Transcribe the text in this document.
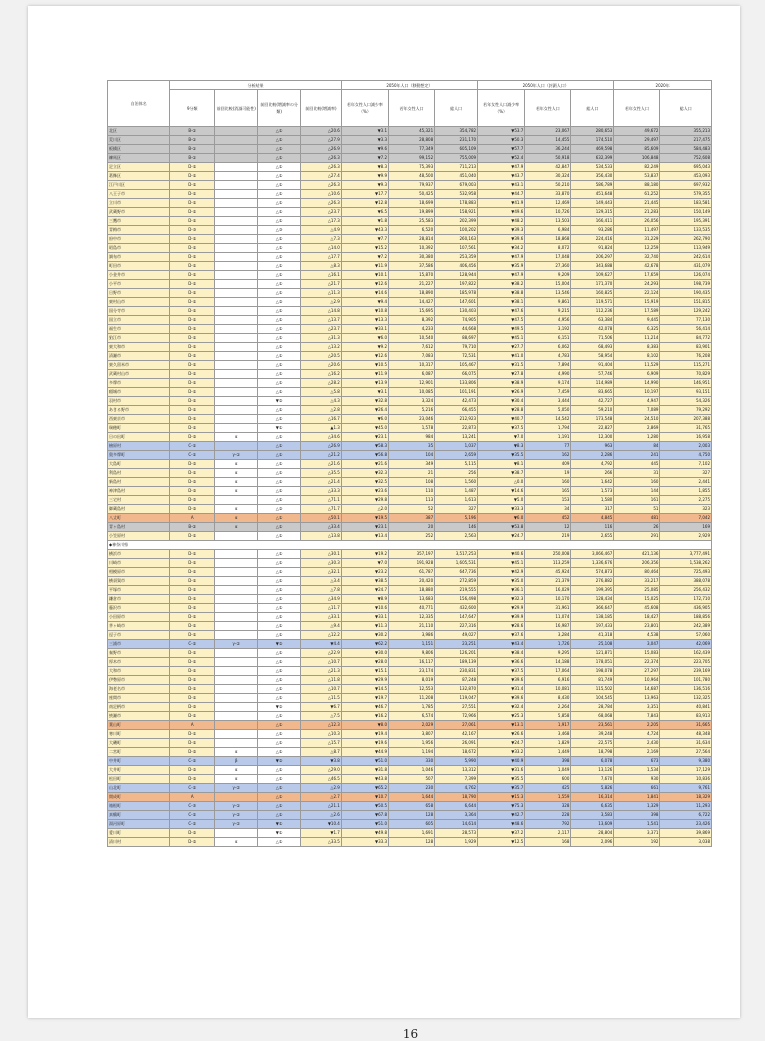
自治体名	分析結果				2050年人口（移動想定）			2050年人口（封鎖人口）			2020年	
	9分類	前回比較(消滅可能性)	前回比較(増減率の分類)	前回比較(増減率)	若年女性人口減少率（%）	若年女性人口	総人口	若年女性人口減少率（%）	若年女性人口	総人口	若年女性人口	総人口

北区	B-①		△①	△20.6	▼3.1	45,321	354,782	▼53.7	23,067	280,653	49,672	355,213
荒川区	B-①		△①	△27.9	▼3.3	28,808	231,170	▼50.3	14,455	174,510	29,497	217,475
板橋区	B-①		△①	△26.9	▼9.6	77,349	605,109	▼57.7	36,244	469,598	85,609	584,483
練馬区	B-①		△①	△26.3	▼7.2	99,152	755,009	▼52.4	50,918	632,399	106,848	752,608
足立区	D-①		△①	△26.3	▼8.3	75,393	711,213	▼47.9	42,847	534,533	82,249	695,043
葛飾区	D-①		△①	△27.4	▼9.9	48,500	451,040	▼43.7	30,324	356,430	53,837	453,093
江戸川区	D-①		△①	△26.3	▼9.3	79,937	679,003	▼43.1	50,210	586,789	88,180	697,932
八王子市	D-①		△①	△10.6	▼17.7	50,425	532,958	▼44.7	33,870	451,648	61,252	579,355
立川市	D-①		△①	△26.3	▼12.8	18,699	178,883	▼41.9	12,469	149,443	21,445	183,581
武蔵野市	D-①		△①	△23.7	▼6.5	19,899	158,921	▼49.6	10,726	129,315	21,283	150,149
三鷹市	D-①		△①	△17.3	▼1.8	25,583	202,399	▼48.2	13,503	166,411	26,056	195,391
青梅市	D-③		△③	△4.9	▼43.3	6,520	100,202	▼39.3	6,984	93,286	11,497	133,535
府中市	D-①		△①	△7.3	▼7.7	28,814	260,163	▼39.6	18,868	224,416	31,229	262,790
昭島市	D-①		△①	△14.0	▼15.2	10,392	107,561	▼34.2	8,072	91,824	12,259	113,949
調布市	D-①		△①	△17.7	▼7.2	30,380	253,359	▼47.9	17,048	206,297	32,740	242,614
町田市	D-①		△①	△8.3	▼11.9	37,586	406,456	▼35.9	27,360	343,688	42,678	431,079
小金井市	D-①		△①	△16.1	▼10.1	15,870	128,944	▼47.9	9,209	109,627	17,659	126,074
小平市	D-①		△①	△21.7	▼12.6	21,227	197,822	▼38.2	15,004	171,370	24,293	198,739
日野市	D-①		△①	△11.3	▼14.6	18,890	185,978	▼38.8	13,546	160,825	22,124	190,435
東村山市	D-①		△②	△2.9	▼9.4	14,427	147,601	▼38.1	9,861	119,571	15,919	151,815
国分寺市	D-①		△①	△14.8	▼10.8	15,695	130,403	▼47.6	9,215	112,236	17,589	129,242
国立市	D-①		△①	△13.7	▼13.3	8,392	74,905	▼47.5	4,956	63,384	9,445	77,130
福生市	D-①		△①	△23.7	▼33.1	4,233	44,668	▼49.5	3,192	42,078	6,325	56,414
狛江市	D-①		△①	△31.3	▼6.0	10,540	88,697	▼45.1	6,151	71,506	11,214	84,772
東大和市	D-①		△①	△13.2	▼9.2	7,612	79,710	▼27.7	6,062	68,493	8,383	83,901
清瀬市	D-①		△①	△20.5	▼12.6	7,083	72,531	▼41.0	4,783	58,954	8,102	76,208
東久留米市	D-①		△①	△20.6	▼10.5	10,317	105,467	▼31.5	7,894	91,404	11,529	115,271
武蔵村山市	D-①		△①	△16.2	▼11.9	6,087	66,075	▼27.8	4,990	57,746	6,909	70,829
多摩市	D-①		△①	△28.2	▼13.9	12,901	133,806	▼38.9	9,174	114,989	14,990	146,951
稲城市	D-①		△①	△5.8	▼3.1	10,085	101,191	▼26.9	7,459	83,665	10,197	93,151
羽村市	D-①		▼②	△4.3	▼32.8	3,324	42,473	▼30.4	3,444	42,727	4,947	54,326
あきる野市	D-①		△①	△2.8	▼26.4	5,216	66,455	▼28.8	5,050	59,210	7,089	79,292
西東京市	D-①		△①	△16.7	▼6.0	23,046	212,923	▼40.7	14,542	173,548	24,510	207,388
瑞穂町	D-①		▼①	▲1.3	▼45.0	1,578	22,873	▼37.5	1,794	22,827	2,869	31,765
日の出町	D-②	α	△①	△34.6	▼23.1	984	13,241	▼7.0	1,191	12,300	1,280	16,958
檜原村	C-①		△①	△26.9	▼58.3	35	1,037	▼8.3	77	963	84	2,003
奥多摩町	C-①	γ-①	△①	△21.2	▼56.8	104	2,659	▼35.5	162	2,286	241	4,750
大島町	D-②	α	△①	△21.6	▼21.6	349	5,115	▼8.1	409	4,792	445	7,102
利島村	D-①	α	△①	△35.5	▼32.3	21	256	▼38.7	19	266	31	327
新島村	D-②	α	△①	△21.4	▼32.5	108	1,560	△0.0	160	1,642	160	2,441
神津島村	D-②	α	△①	△33.3	▼23.6	110	1,487	▼14.6	165	1,573	144	1,855
三宅村	D-②		△①	△71.1	▼29.8	113	1,613	▼5.0	153	1,580	161	2,275
御蔵島村	D-②	α	△②	△71.7	△2.0	52	327	▼33.3	34	317	51	323
八丈町	A	α	△①	△50.1	▼19.5	387	5,196	▼6.0	452	4,845	481	7,042
青ヶ島村	B-②	α	△①	△33.4	▼23.1	20	146	▼53.8	12	116	26	169
小笠原村	D-①		△①	△13.8	▼13.4	252	2,563	▼24.7	219	2,655	291	2,929
◆神奈川県												
横浜市	D-①		△①	△30.1	▼19.2	357,197	3,517,253	▼40.6	250,008	3,066,467	421,136	3,777,491
川崎市	D-①		△①	△30.3	▼7.0	191,928	1,605,531	▼45.1	113,259	1,336,676	206,356	1,538,262
相模原市	D-①		△①	△32.1	▼23.2	61,787	647,736	▼42.9	45,924	574,873	80,464	725,493
横須賀市	D-①		△①	△3.4	▼38.5	20,420	272,859	▼35.0	21,379	276,882	33,217	388,078
平塚市	D-①		△①	△7.8	▼24.7	18,880	219,555	▼36.1	16,029	199,395	25,085	256,432
鎌倉市	D-①		△①	△34.9	▼8.9	13,683	156,498	▼32.3	10,170	128,434	15,025	172,710
藤沢市	D-①		△①	△11.7	▼10.6	40,771	432,600	▼29.9	31,961	366,647	45,608	436,905
小田原市	D-①		△①	△33.1	▼33.1	12,335	147,647	▼39.9	11,074	138,185	18,427	188,856
茅ヶ崎市	D-①		△①	△9.4	▼11.3	21,110	227,316	▼28.6	16,987	197,433	23,801	242,389
逗子市	D-①		△①	△12.2	▼30.2	3,986	49,027	▼37.6	3,284	41,318	4,538	57,060
三浦市	C-②	γ-②	▼②	▼4.4	▼62.2	1,151	23,251	▼43.4	1,726	25,108	3,047	42,069
秦野市	D-①		△①	△22.9	▼30.0	9,806	126,201	▼38.4	9,295	121,871	15,083	162,439
厚木市	D-①		△①	△10.7	▼28.0	16,117	189,139	▼36.6	14,188	178,051	22,374	223,705
大和市	D-①		△①	△21.3	▼15.1	23,174	230,831	▼37.5	17,064	198,078	27,297	239,169
伊勢原市	D-①		△①	△11.8	▼29.9	8,019	87,248	▼39.6	6,916	81,749	10,964	101,780
海老名市	D-①		△①	△10.7	▼14.5	12,553	132,870	▼31.4	10,081	115,502	14,687	136,516
座間市	D-①		△①	△11.5	▼19.7	11,208	119,047	▼39.6	8,430	104,545	13,963	132,325
南足柄市	D-②		▼②	▼6.7	▼46.7	1,785	27,551	▼32.4	2,264	28,784	3,351	40,841
綾瀬市	D-①		△①	△7.5	▼16.2	6,574	72,966	▼25.3	5,858	68,068	7,843	83,913
葉山町	A		△①	△12.3	▼8.0	2,029	27,061	▼13.1	1,917	23,561	2,205	31,665
寒川町	D-①		△①	△10.3	▼19.4	3,807	42,167	▼26.6	3,468	39,248	4,724	48,348
大磯町	D-①		△①	△15.7	▼19.6	1,956	26,091	▼24.7	1,829	22,575	2,430	31,634
二宮町	D-②	α	△①	△8.7	▼44.9	1,194	18,672	▼33.2	1,449	18,798	2,169	27,564
中井町	C-②	β	▼②	▼3.8	▼51.0	330	5,990	▼40.9	398	6,078	673	9,380
大井町	D-②	α	△①	△29.0	▼31.8	1,046	13,312	▼31.6	1,049	13,126	1,534	17,129
松田町	D-②	α	△①	△46.5	▼43.8	507	7,399	▼35.5	600	7,670	930	10,836
山北町	C-②	γ-②	△①	△2.9	▼65.2	230	4,762	▼35.7	425	5,826	661	9,761
開成町	A		△①	△2.7	▼10.7	1,644	18,790	▼15.3	1,559	16,314	1,841	18,329
箱根町	C-③	γ-①	△①	△21.1	▼50.5	658	6,644	▼75.3	328	6,635	1,329	11,293
真鶴町	C-②	γ-②	△①	△2.6	▼67.8	128	3,364	▼42.7	228	3,583	398	6,722
湯河原町	C-②	γ-②	▼①	▼10.4	▼51.0	605	14,614	▼48.6	792	13,609	1,541	23,426
愛川町	D-②		▼①	▼1.7	▼49.8	1,691	28,573	▼37.2	2,117	28,804	3,371	39,869
清川村	D-②	α	△①	△33.5	▼33.3	128	1,929	▼12.5	168	2,096	192	3,038
16
